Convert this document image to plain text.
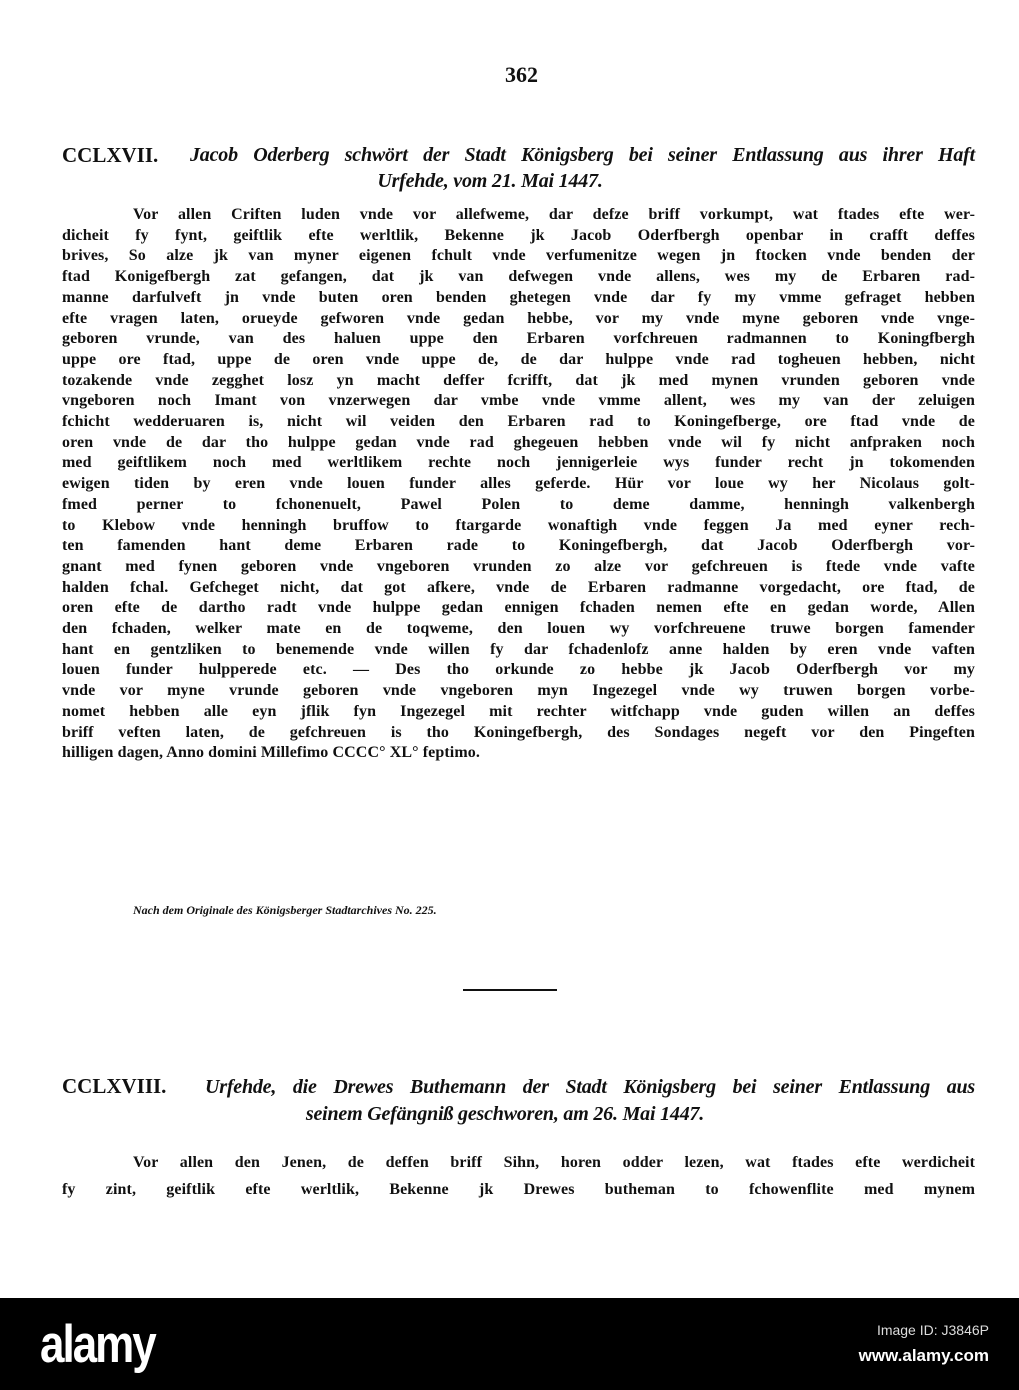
362
CCLXVII. Jacob Oderberg schwört der Stadt Königsberg bei seiner Entlassung aus ihrer Haft
Urfehde, vom 21. Mai 1447.
Vor allen Criften luden vnde vor allefweme, dar defze briff vorkumpt, wat ftades efte wer-
dicheit fy fynt, geiftlik efte werltlik, Bekenne jk Jacob Oderfbergh openbar in crafft deffes
brives, So alze jk van myner eigenen fchult vnde verfumenitze wegen jn ftocken vnde benden der
ftad Konigefbergh zat gefangen, dat jk van defwegen vnde allens, wes my de Erbaren rad-
manne darfulveft jn vnde buten oren benden ghetegen vnde dar fy my vmme gefraget hebben
efte vragen laten, orueyde gefworen vnde gedan hebbe, vor my vnde myne geboren vnde vnge-
geboren vrunde, van des haluen uppe den Erbaren vorfchreuen radmannen to Koningfbergh
uppe ore ftad, uppe de oren vnde uppe de, de dar hulppe vnde rad togheuen hebben, nicht
tozakende vnde zegghet losz yn macht deffer fcrifft, dat jk med mynen vrunden geboren vnde
vngeboren noch Imant von vnzerwegen dar vmbe vnde vmme allent, wes my van der zeluigen
fchicht wedderuaren is, nicht wil veiden den Erbaren rad to Koningefberge, ore ftad vnde de
oren vnde de dar tho hulppe gedan vnde rad ghegeuen hebben vnde wil fy nicht anfpraken noch
med geiftlikem noch med werltlikem rechte noch jennigerleie wys funder recht jn tokomenden
ewigen tiden by eren vnde louen funder alles geferde. Hür vor loue wy her Nicolaus golt-
fmed perner to fchonenuelt, Pawel Polen to deme damme, henningh valkenbergh
to Klebow vnde henningh bruffow to ftargarde wonaftigh vnde feggen Ja med eyner rech-
ten famenden hant deme Erbaren rade to Koningefbergh, dat Jacob Oderfbergh vor-
gnant med fynen geboren vnde vngeboren vrunden zo alze vor gefchreuen is ftede vnde vafte
halden fchal. Gefcheget nicht, dat got afkere, vnde de Erbaren radmanne vorgedacht, ore ftad, de
oren efte de dartho radt vnde hulppe gedan ennigen fchaden nemen efte en gedan worde, Allen
den fchaden, welker mate en de toqweme, den louen wy vorfchreuene truwe borgen famender
hant en gentzliken to benemende vnde willen fy dar fchadenlofz anne halden by eren vnde vaften
louen funder hulpperede etc. — Des tho orkunde zo hebbe jk Jacob Oderfbergh vor my
vnde vor myne vrunde geboren vnde vngeboren myn Ingezegel vnde wy truwen borgen vorbe-
nomet hebben alle eyn jflik fyn Ingezegel mit rechter witfchapp vnde guden willen an deffes
briff veften laten, de gefchreuen is tho Koningefbergh, des Sondages negeft vor den Pingeften
hilligen dagen, Anno domini Millefimo CCCC° XL° feptimo.
Nach dem Originale des Königsberger Stadtarchives No. 225.
CCLXVIII. Urfehde, die Drewes Buthemann der Stadt Königsberg bei seiner Entlassung aus
seinem Gefängniß geschworen, am 26. Mai 1447.
Vor allen den Jenen, de deffen briff Sihn, horen odder lezen, wat ftades efte werdicheit
fy zint, geiftlik efte werltlik, Bekenne jk Drewes butheman to fchowenflite med mynem
alamy	Image ID: J3846P
www.alamy.com
